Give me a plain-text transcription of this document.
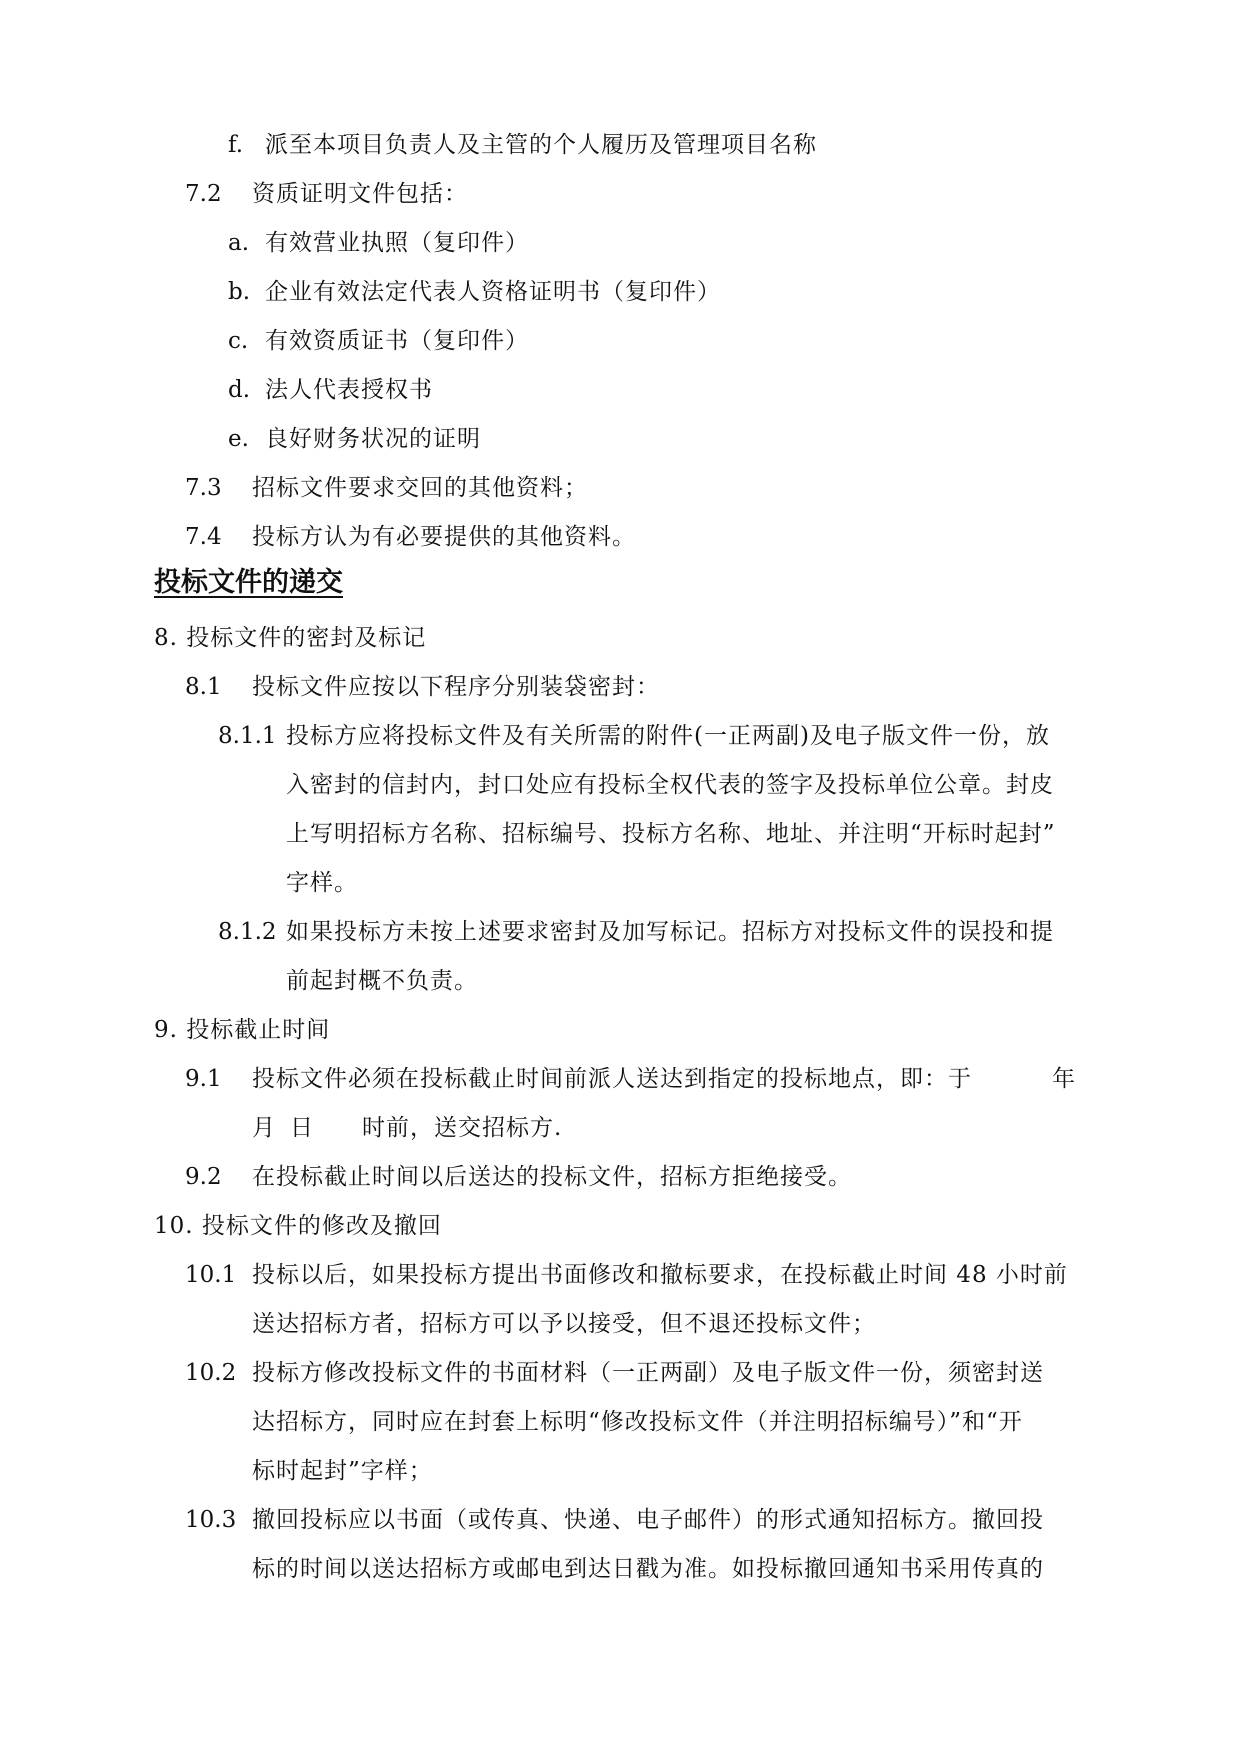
f. 派至本项目负责人及主管的个人履历及管理项目名称
7.2 资质证明文件包括：
a. 有效营业执照（复印件）
b. 企业有效法定代表人资格证明书（复印件）
c. 有效资质证书（复印件）
d. 法人代表授权书
e. 良好财务状况的证明
7.3 招标文件要求交回的其他资料；
7.4 投标方认为有必要提供的其他资料。
投标文件的递交
8. 投标文件的密封及标记
8.1 投标文件应按以下程序分别装袋密封：
8.1.1 投标方应将投标文件及有关所需的附件(一正两副)及电子版文件一份，放
入密封的信封内，封口处应有投标全权代表的签字及投标单位公章。封皮
上写明招标方名称、招标编号、投标方名称、地址、并注明“开标时起封”
字样。
8.1.2 如果投标方未按上述要求密封及加写标记。招标方对投标文件的误投和提
前起封概不负责。
9. 投标截止时间
9.1 投标文件必须在投标截止时间前派人送达到指定的投标地点，即：于	年
月 日 时前，送交招标方.
9.2 在投标截止时间以后送达的投标文件，招标方拒绝接受。
10. 投标文件的修改及撤回
10.1 投标以后，如果投标方提出书面修改和撤标要求，在投标截止时间 48 小时前
送达招标方者，招标方可以予以接受，但不退还投标文件；
10.2 投标方修改投标文件的书面材料（一正两副）及电子版文件一份，须密封送
达招标方，同时应在封套上标明“修改投标文件（并注明招标编号）”和“开
标时起封”字样；
10.3 撤回投标应以书面（或传真、快递、电子邮件）的形式通知招标方。撤回投
标的时间以送达招标方或邮电到达日戳为准。如投标撤回通知书采用传真的
